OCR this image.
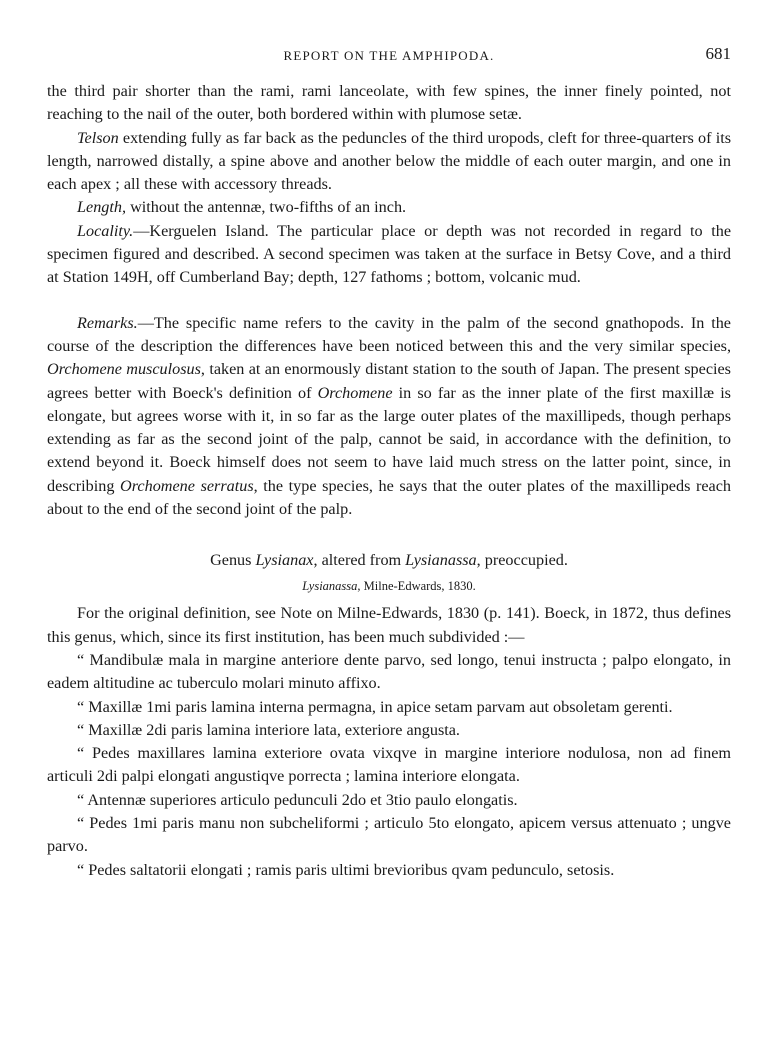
REPORT ON THE AMPHIPODA.	681

the third pair shorter than the rami, rami lanceolate, with few spines, the inner finely pointed, not reaching to the nail of the outer, both bordered within with plumose setæ.

Telson extending fully as far back as the peduncles of the third uropods, cleft for three-quarters of its length, narrowed distally, a spine above and another below the middle of each outer margin, and one in each apex ; all these with accessory threads.

Length, without the antennæ, two-fifths of an inch.

Locality.—Kerguelen Island. The particular place or depth was not recorded in regard to the specimen figured and described. A second specimen was taken at the surface in Betsy Cove, and a third at Station 149H, off Cumberland Bay; depth, 127 fathoms ; bottom, volcanic mud.

Remarks.—The specific name refers to the cavity in the palm of the second gnathopods. In the course of the description the differences have been noticed between this and the very similar species, Orchomene musculosus, taken at an enormously distant station to the south of Japan. The present species agrees better with Boeck's definition of Orchomene in so far as the inner plate of the first maxillæ is elongate, but agrees worse with it, in so far as the large outer plates of the maxillipeds, though perhaps extending as far as the second joint of the palp, cannot be said, in accordance with the definition, to extend beyond it. Boeck himself does not seem to have laid much stress on the latter point, since, in describing Orchomene serratus, the type species, he says that the outer plates of the maxillipeds reach about to the end of the second joint of the palp.

Genus Lysianax, altered from Lysianassa, preoccupied.
Lysianassa, Milne-Edwards, 1830.

For the original definition, see Note on Milne-Edwards, 1830 (p. 141). Boeck, in 1872, thus defines this genus, which, since its first institution, has been much subdivided :—

“ Mandibulæ mala in margine anteriore dente parvo, sed longo, tenui instructa ; palpo elongato, in eadem altitudine ac tuberculo molari minuto affixo.

“ Maxillæ 1mi paris lamina interna permagna, in apice setam parvam aut obsoletam gerenti.

“ Maxillæ 2di paris lamina interiore lata, exteriore angusta.

“ Pedes maxillares lamina exteriore ovata vixqve in margine interiore nodulosa, non ad finem articuli 2di palpi elongati angustiqve porrecta ; lamina interiore elongata.

“ Antennæ superiores articulo pedunculi 2do et 3tio paulo elongatis.

“ Pedes 1mi paris manu non subcheliformi ; articulo 5to elongato, apicem versus attenuato ; ungve parvo.

“ Pedes saltatorii elongati ; ramis paris ultimi brevioribus qvam pedunculo, setosis.
